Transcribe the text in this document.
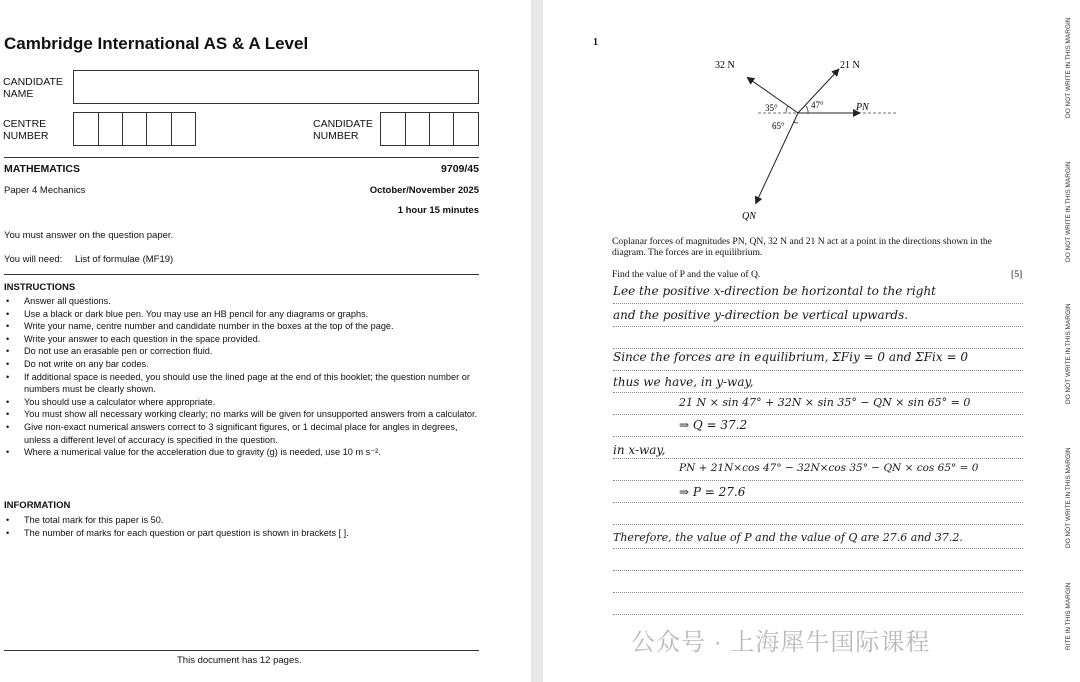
Cambridge International AS & A Level
CANDIDATE
NAME
CENTRE
NUMBER
CANDIDATE
NUMBER
MATHEMATICS	9709/45
Paper 4 Mechanics	October/November 2025
1 hour 15 minutes
You must answer on the question paper.
You will need: List of formulae (MF19)
INSTRUCTIONS
• Answer all questions.
• Use a black or dark blue pen. You may use an HB pencil for any diagrams or graphs.
• Write your name, centre number and candidate number in the boxes at the top of the page.
• Write your answer to each question in the space provided.
• Do not use an erasable pen or correction fluid.
• Do not write on any bar codes.
• If additional space is needed, you should use the lined page at the end of this booklet; the question number or numbers must be clearly shown.
• You should use a calculator where appropriate.
• You must show all necessary working clearly; no marks will be given for unsupported answers from a calculator.
• Give non-exact numerical answers correct to 3 significant figures, or 1 decimal place for angles in degrees, unless a different level of accuracy is specified in the question.
• Where a numerical value for the acceleration due to gravity (g) is needed, use 10 m s⁻².
INFORMATION
• The total mark for this paper is 50.
• The number of marks for each question or part question is shown in brackets [ ].
This document has 12 pages.
1
32 N	21 N
PN
QN
35°	47°
65°
Coplanar forces of magnitudes PN, QN, 32 N and 21 N act at a point in the directions shown in the
diagram. The forces are in equilibrium.
Find the value of P and the value of Q.	[5]
Lee the positive x-direction be horizontal to the right
and the positive y-direction be vertical upwards.
Since the forces are in equilibrium, ΣFiy = 0 and ΣFix = 0
thus we have, in y-way,
21 N × sin 47° + 32N × sin 35° − QN × sin 65° = 0
⇒ Q = 37.2
in x-way,
PN + 21N×cos 47° − 32N×cos 35° − QN × cos 65° = 0
⇒ P = 27.6
Therefore, the value of P and the value of Q are 27.6 and 37.2.
公众号 · 上海犀牛国际课程
DO NOT WRITE IN THIS MARGIN
DO NOT WRITE IN THIS MARGIN
DO NOT WRITE IN THIS MARGIN
DO NOT WRITE IN THIS MARGIN
RITE IN THIS MARGIN
